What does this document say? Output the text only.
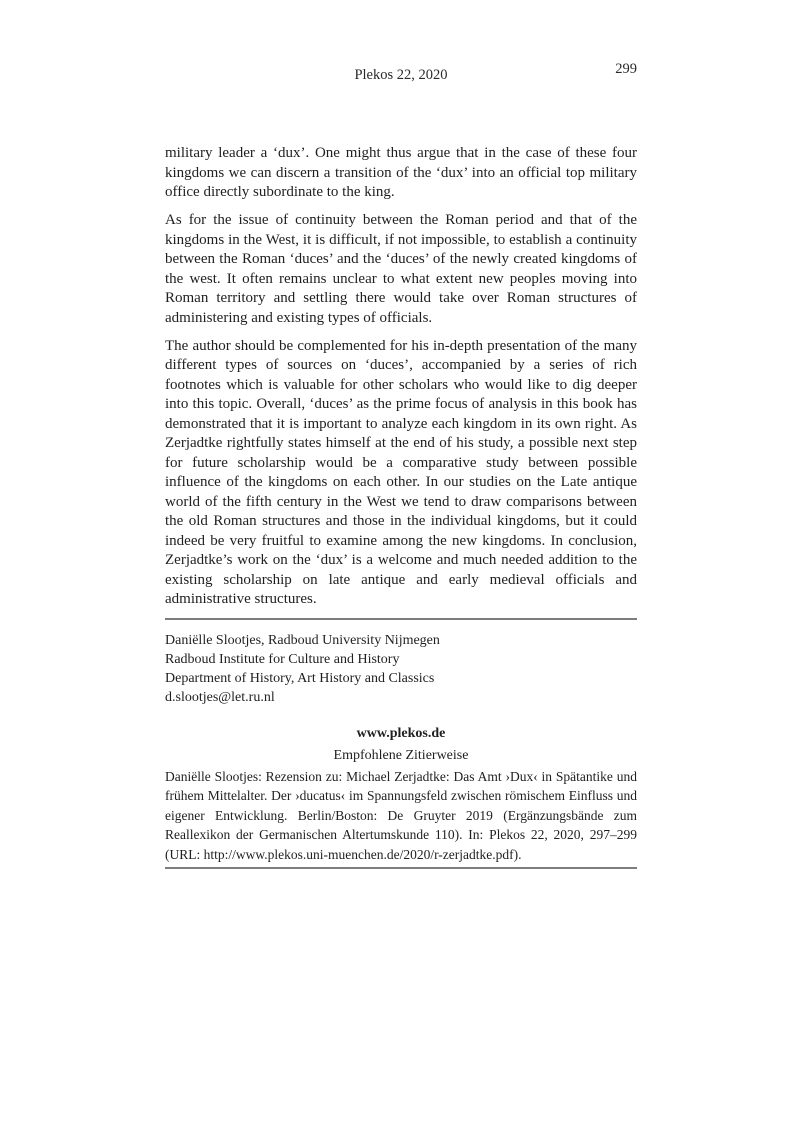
Plekos 22, 2020	299

military leader a ‘dux’. One might thus argue that in the case of these four kingdoms we can discern a transition of the ‘dux’ into an official top military office directly subordinate to the king.

As for the issue of continuity between the Roman period and that of the kingdoms in the West, it is difficult, if not impossible, to establish a continuity between the Roman ‘duces’ and the ‘duces’ of the newly created kingdoms of the west. It often remains unclear to what extent new peoples moving into Roman territory and settling there would take over Roman structures of administering and existing types of officials.

The author should be complemented for his in-depth presentation of the many different types of sources on ‘duces’, accompanied by a series of rich footnotes which is valuable for other scholars who would like to dig deeper into this topic. Overall, ‘duces’ as the prime focus of analysis in this book has demonstrated that it is important to analyze each kingdom in its own right. As Zerjadtke rightfully states himself at the end of his study, a possible next step for future scholarship would be a comparative study between possible influence of the kingdoms on each other. In our studies on the Late antique world of the fifth century in the West we tend to draw comparisons between the old Roman structures and those in the individual kingdoms, but it could indeed be very fruitful to examine among the new kingdoms. In conclusion, Zerjadtke’s work on the ‘dux’ is a welcome and much needed addition to the existing scholarship on late antique and early medieval officials and administrative structures.

Daniëlle Slootjes, Radboud University Nijmegen
Radboud Institute for Culture and History
Department of History, Art History and Classics
d.slootjes@let.ru.nl

www.plekos.de

Empfohlene Zitierweise

Daniëlle Slootjes: Rezension zu: Michael Zerjadtke: Das Amt ›Dux‹ in Spätantike und frühem Mittelalter. Der ›ducatus‹ im Spannungsfeld zwischen römischem Einfluss und eigener Entwicklung. Berlin/Boston: De Gruyter 2019 (Ergänzungsbände zum Reallexikon der Germanischen Altertumskunde 110). In: Plekos 22, 2020, 297–299 (URL: http://www.plekos.uni-muenchen.de/2020/r-zerjadtke.pdf).
